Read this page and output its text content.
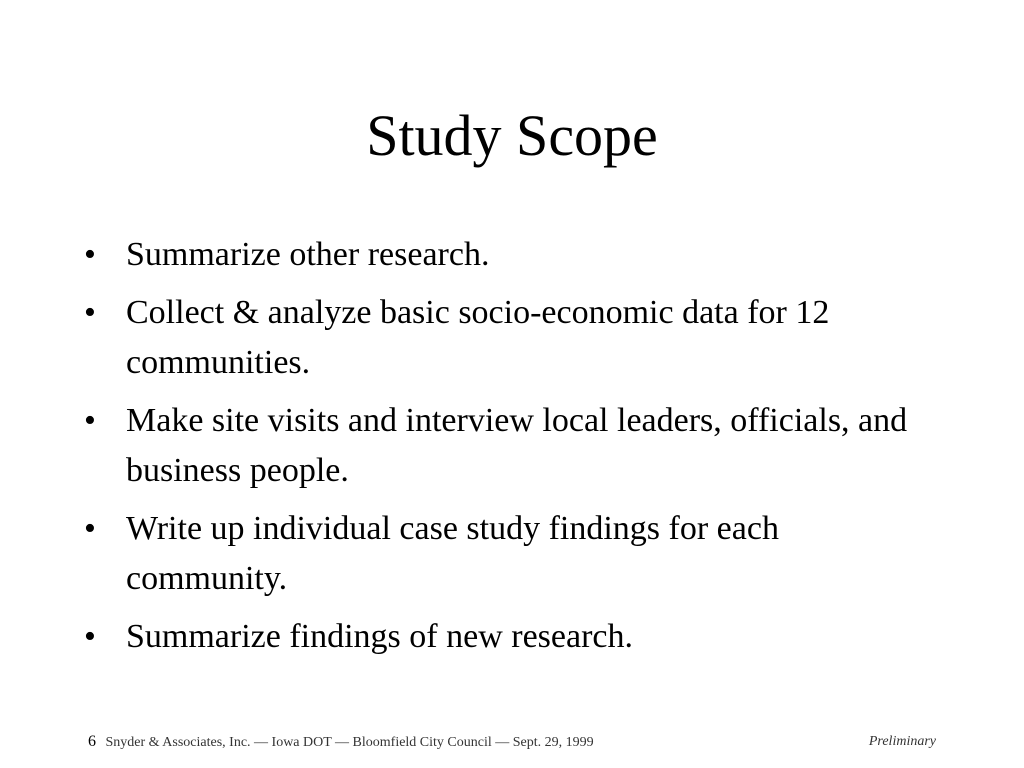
Study Scope
• Summarize other research.
• Collect & analyze basic socio-economic data for 12 communities.
• Make site visits and interview local leaders, officials, and business people.
• Write up individual case study findings for each community.
• Summarize findings of new research.
6 Snyder & Associates, Inc. — Iowa DOT — Bloomfield City Council — Sept. 29, 1999	Preliminary
